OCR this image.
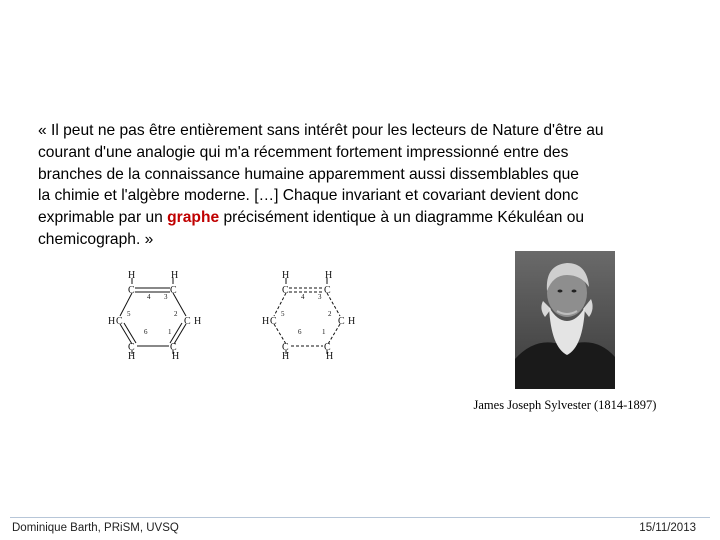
« Il peut ne pas être entièrement sans intérêt pour les lecteurs de Nature d'être au
courant d'une analogie qui m'a récemment fortement impressionné entre des
branches de la connaissance humaine apparemment aussi dissemblables que
la chimie et l'algèbre moderne. […] Chaque invariant et covariant devient donc
exprimable par un graphe précisément identique à un diagramme Kékuléan ou
chemicograph. »
H	H
C	C
H C	C H
C	C
H	H
4 3
5	2
6	1
H	H
C	C
H C	C H
C	C
H	H
4 3
5	2
6	1
James Joseph Sylvester (1814-1897)
Dominique Barth, PRiSM, UVSQ	15/11/2013
